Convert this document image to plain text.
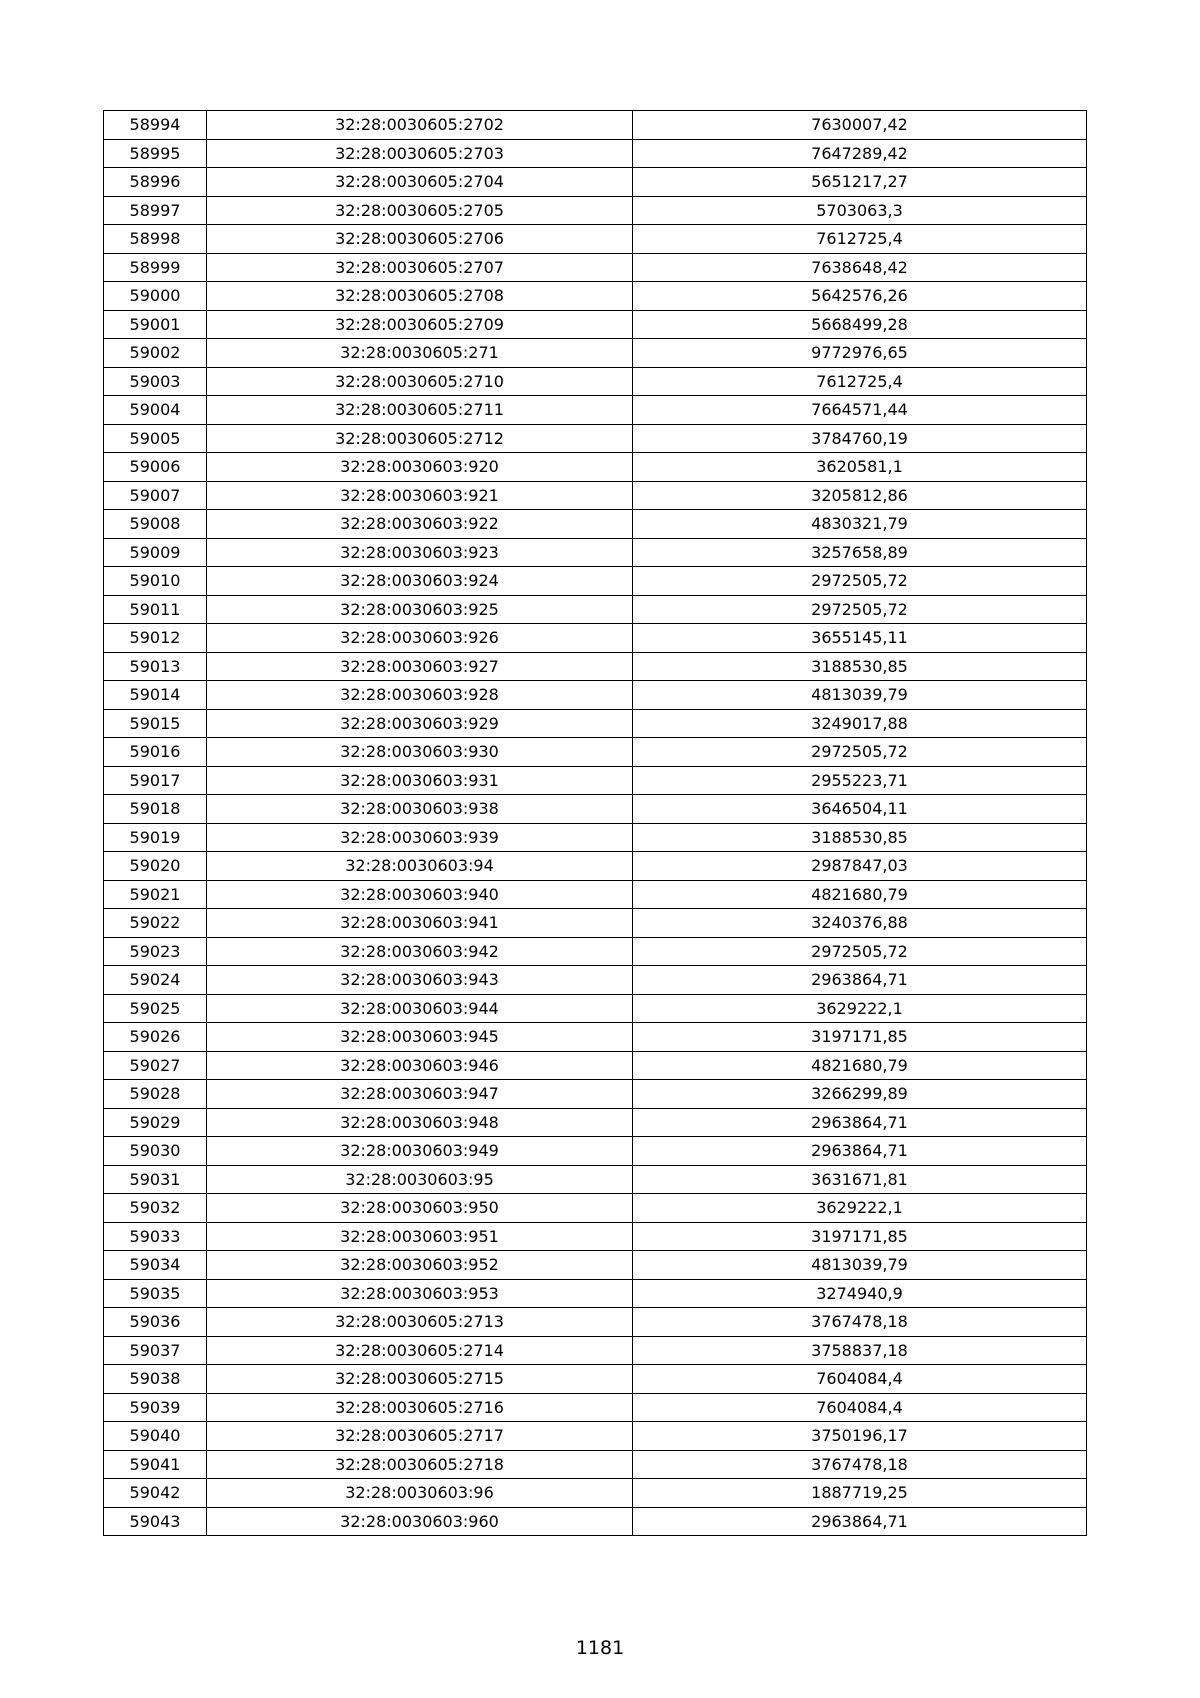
58994	32:28:0030605:2702	7630007,42
58995	32:28:0030605:2703	7647289,42
58996	32:28:0030605:2704	5651217,27
58997	32:28:0030605:2705	5703063,3
58998	32:28:0030605:2706	7612725,4
58999	32:28:0030605:2707	7638648,42
59000	32:28:0030605:2708	5642576,26
59001	32:28:0030605:2709	5668499,28
59002	32:28:0030605:271	9772976,65
59003	32:28:0030605:2710	7612725,4
59004	32:28:0030605:2711	7664571,44
59005	32:28:0030605:2712	3784760,19
59006	32:28:0030603:920	3620581,1
59007	32:28:0030603:921	3205812,86
59008	32:28:0030603:922	4830321,79
59009	32:28:0030603:923	3257658,89
59010	32:28:0030603:924	2972505,72
59011	32:28:0030603:925	2972505,72
59012	32:28:0030603:926	3655145,11
59013	32:28:0030603:927	3188530,85
59014	32:28:0030603:928	4813039,79
59015	32:28:0030603:929	3249017,88
59016	32:28:0030603:930	2972505,72
59017	32:28:0030603:931	2955223,71
59018	32:28:0030603:938	3646504,11
59019	32:28:0030603:939	3188530,85
59020	32:28:0030603:94	2987847,03
59021	32:28:0030603:940	4821680,79
59022	32:28:0030603:941	3240376,88
59023	32:28:0030603:942	2972505,72
59024	32:28:0030603:943	2963864,71
59025	32:28:0030603:944	3629222,1
59026	32:28:0030603:945	3197171,85
59027	32:28:0030603:946	4821680,79
59028	32:28:0030603:947	3266299,89
59029	32:28:0030603:948	2963864,71
59030	32:28:0030603:949	2963864,71
59031	32:28:0030603:95	3631671,81
59032	32:28:0030603:950	3629222,1
59033	32:28:0030603:951	3197171,85
59034	32:28:0030603:952	4813039,79
59035	32:28:0030603:953	3274940,9
59036	32:28:0030605:2713	3767478,18
59037	32:28:0030605:2714	3758837,18
59038	32:28:0030605:2715	7604084,4
59039	32:28:0030605:2716	7604084,4
59040	32:28:0030605:2717	3750196,17
59041	32:28:0030605:2718	3767478,18
59042	32:28:0030603:96	1887719,25
59043	32:28:0030603:960	2963864,71
1181
